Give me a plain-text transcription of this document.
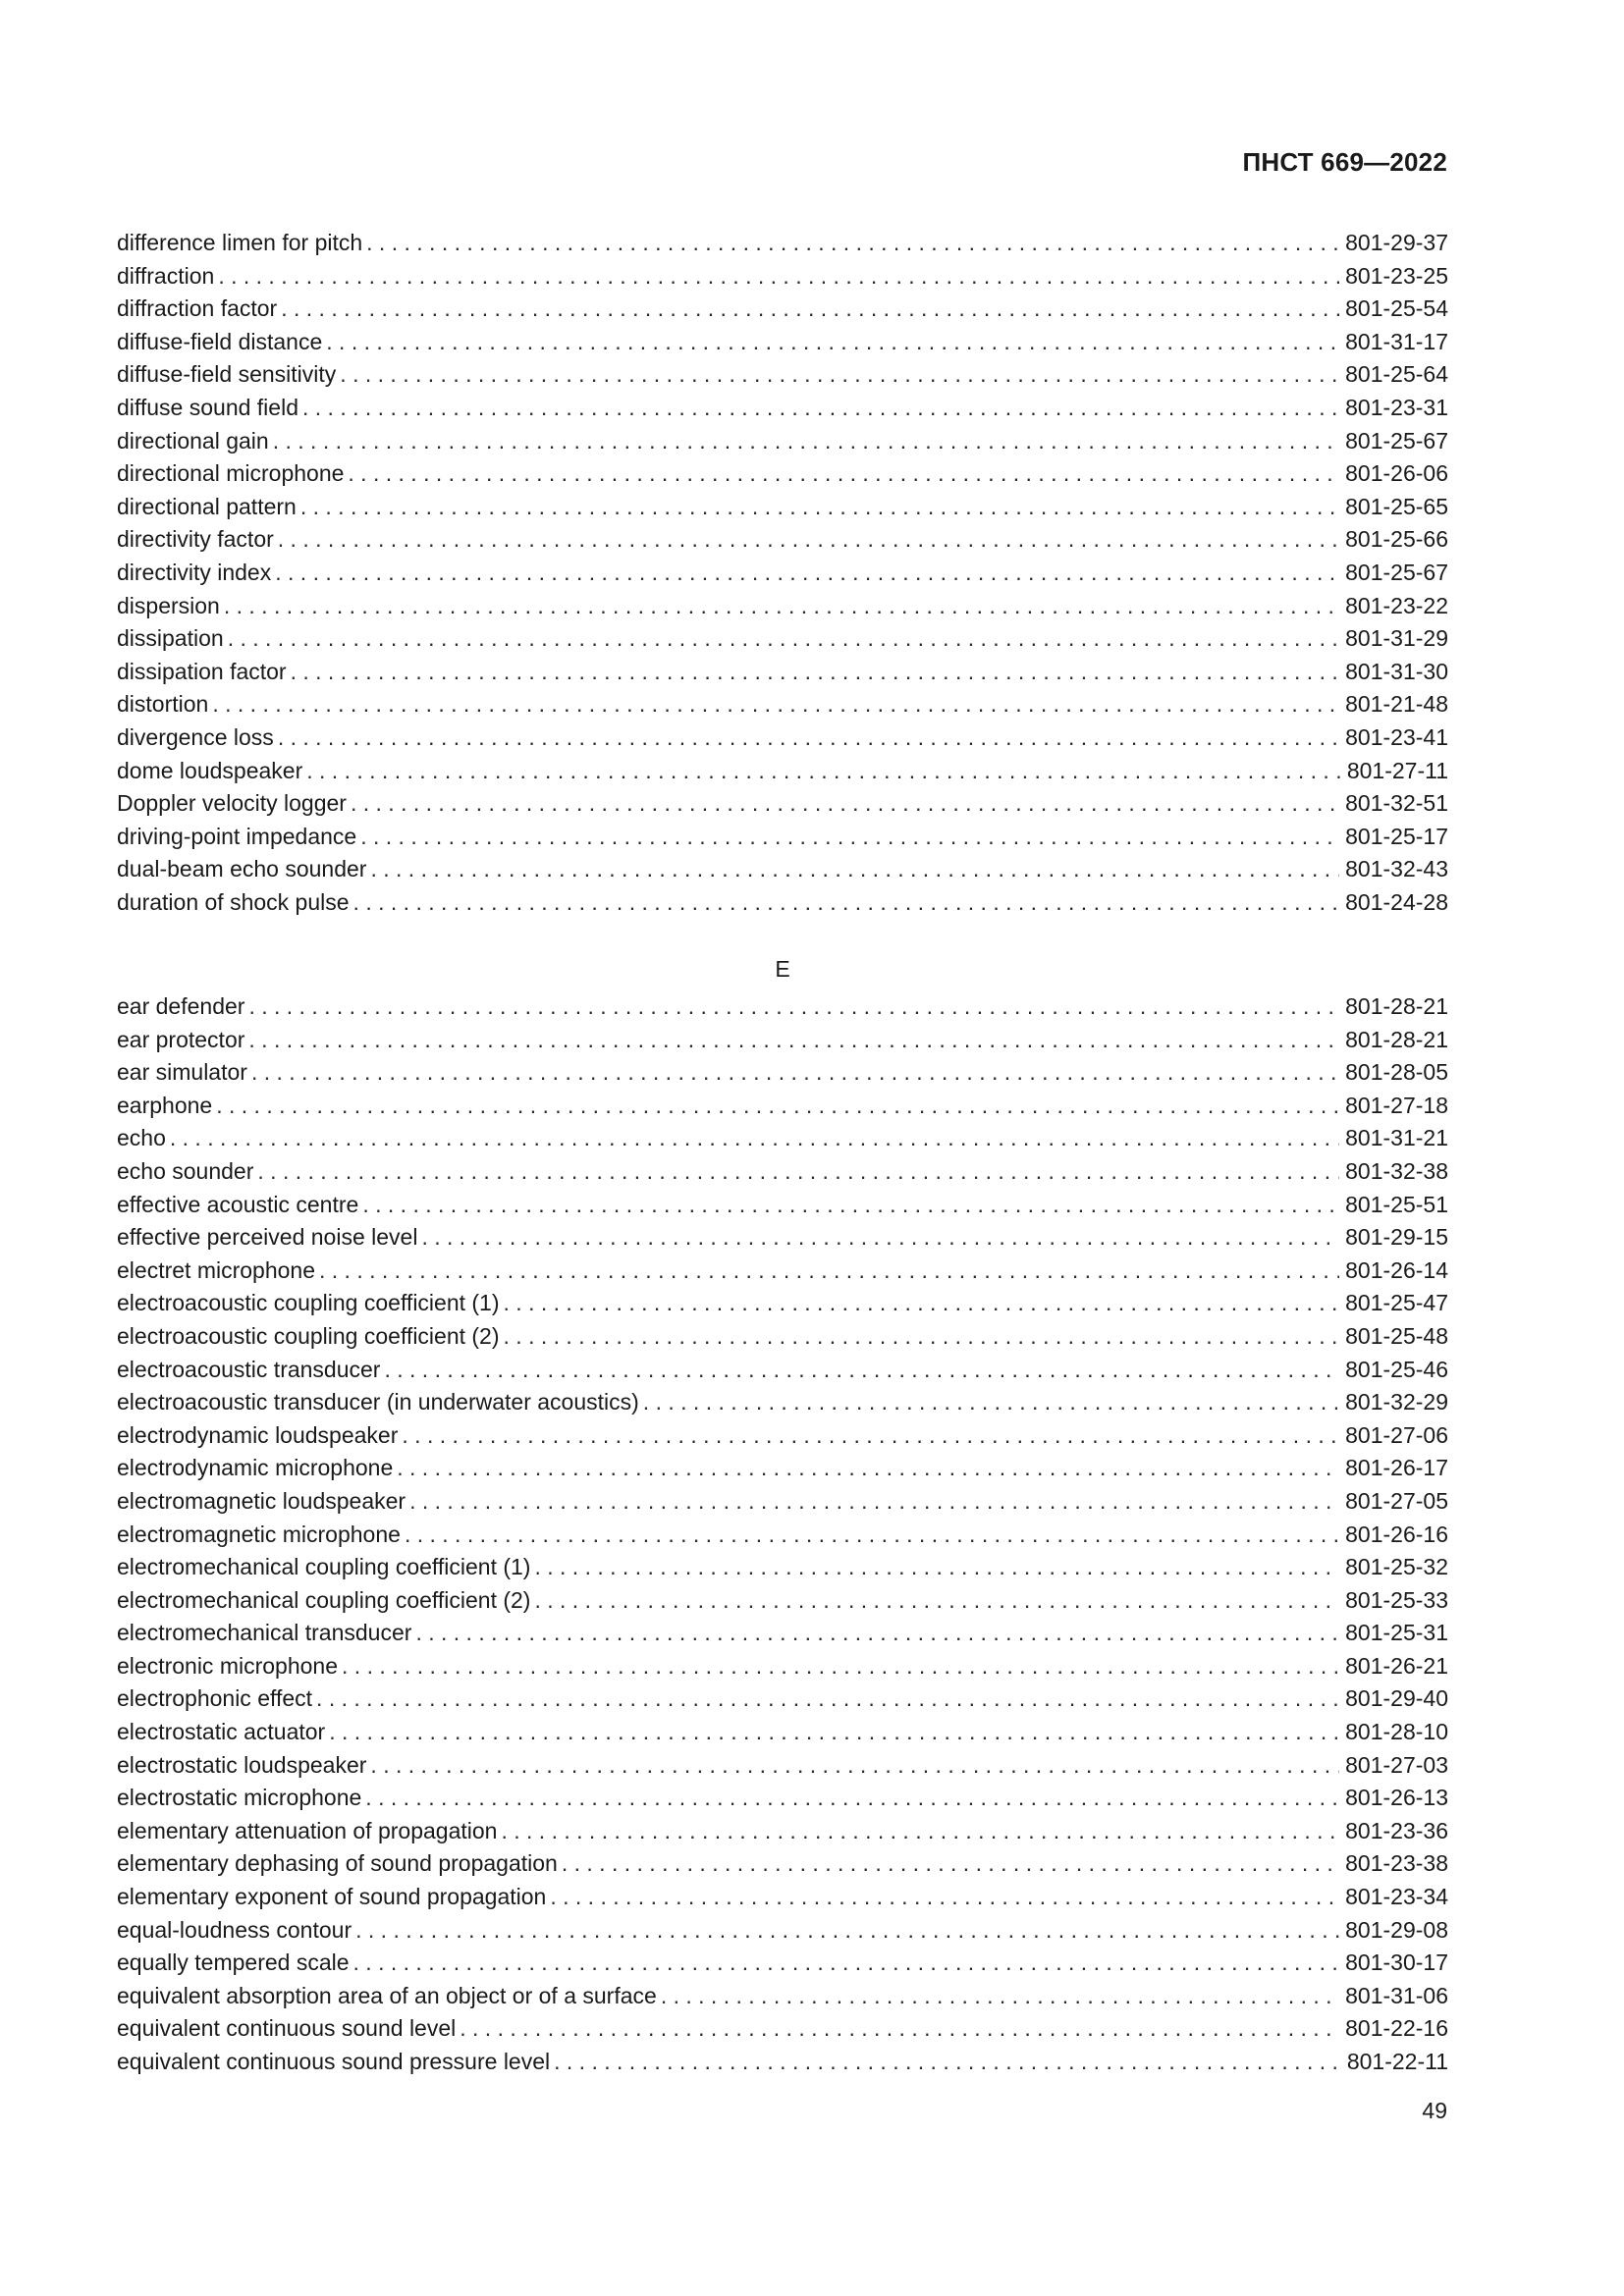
ПНСТ 669—2022
difference limen for pitch . . .	801-29-37
diffraction . . .	801-23-25
diffraction factor . . .	801-25-54
diffuse-field distance . . .	801-31-17
diffuse-field sensitivity . . .	801-25-64
diffuse sound field . . .	801-23-31
directional gain . . .	801-25-67
directional microphone . . .	801-26-06
directional pattern . . .	801-25-65
directivity factor . . .	801-25-66
directivity index . . .	801-25-67
dispersion . . .	801-23-22
dissipation . . .	801-31-29
dissipation factor . . .	801-31-30
distortion . . .	801-21-48
divergence loss . . .	801-23-41
dome loudspeaker . . .	801-27-11
Doppler velocity logger . . .	801-32-51
driving-point impedance . . .	801-25-17
dual-beam echo sounder . . .	801-32-43
duration of shock pulse . . .	801-24-28
E
ear defender . . .	801-28-21
ear protector . . .	801-28-21
ear simulator . . .	801-28-05
earphone . . .	801-27-18
echo . . .	801-31-21
echo sounder . . .	801-32-38
effective acoustic centre . . .	801-25-51
effective perceived noise level . . .	801-29-15
electret microphone . . .	801-26-14
electroacoustic coupling coefficient (1) . . .	801-25-47
electroacoustic coupling coefficient (2) . . .	801-25-48
electroacoustic transducer . . .	801-25-46
electroacoustic transducer (in underwater acoustics) . . .	801-32-29
electrodynamic loudspeaker . . .	801-27-06
electrodynamic microphone . . .	801-26-17
electromagnetic loudspeaker . . .	801-27-05
electromagnetic microphone . . .	801-26-16
electromechanical coupling coefficient (1) . . .	801-25-32
electromechanical coupling coefficient (2) . . .	801-25-33
electromechanical transducer . . .	801-25-31
electronic microphone . . .	801-26-21
electrophonic effect . . .	801-29-40
electrostatic actuator . . .	801-28-10
electrostatic loudspeaker . . .	801-27-03
electrostatic microphone . . .	801-26-13
elementary attenuation of propagation . . .	801-23-36
elementary dephasing of sound propagation . . .	801-23-38
elementary exponent of sound propagation . . .	801-23-34
equal-loudness contour . . .	801-29-08
equally tempered scale . . .	801-30-17
equivalent absorption area of an object or of a surface . . .	801-31-06
equivalent continuous sound level . . .	801-22-16
equivalent continuous sound pressure level . . .	801-22-11
49
